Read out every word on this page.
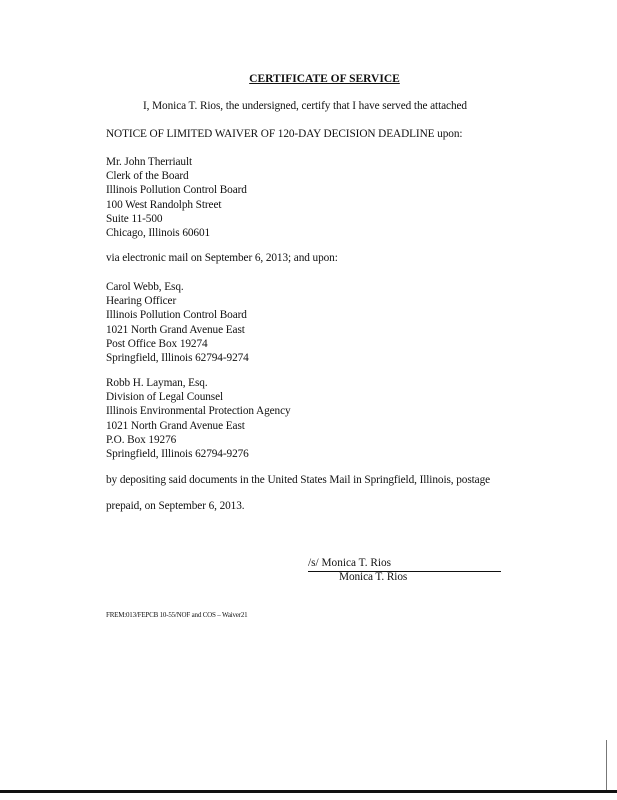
CERTIFICATE OF SERVICE
I, Monica T. Rios, the undersigned, certify that I have served the attached
NOTICE OF LIMITED WAIVER OF 120-DAY DECISION DEADLINE upon:
Mr. John Therriault
Clerk of the Board
Illinois Pollution Control Board
100 West Randolph Street
Suite 11-500
Chicago, Illinois 60601
via electronic mail on September 6, 2013; and upon:
Carol Webb, Esq.
Hearing Officer
Illinois Pollution Control Board
1021 North Grand Avenue East
Post Office Box 19274
Springfield, Illinois 62794-9274
Robb H. Layman, Esq.
Division of Legal Counsel
Illinois Environmental Protection Agency
1021 North Grand Avenue East
P.O. Box 19276
Springfield, Illinois 62794-9276
by depositing said documents in the United States Mail in Springfield, Illinois, postage
prepaid, on September 6, 2013.
/s/ Monica T. Rios
Monica T. Rios
FREM:013/FEPCB 10-55/NOF and COS – Waiver21
